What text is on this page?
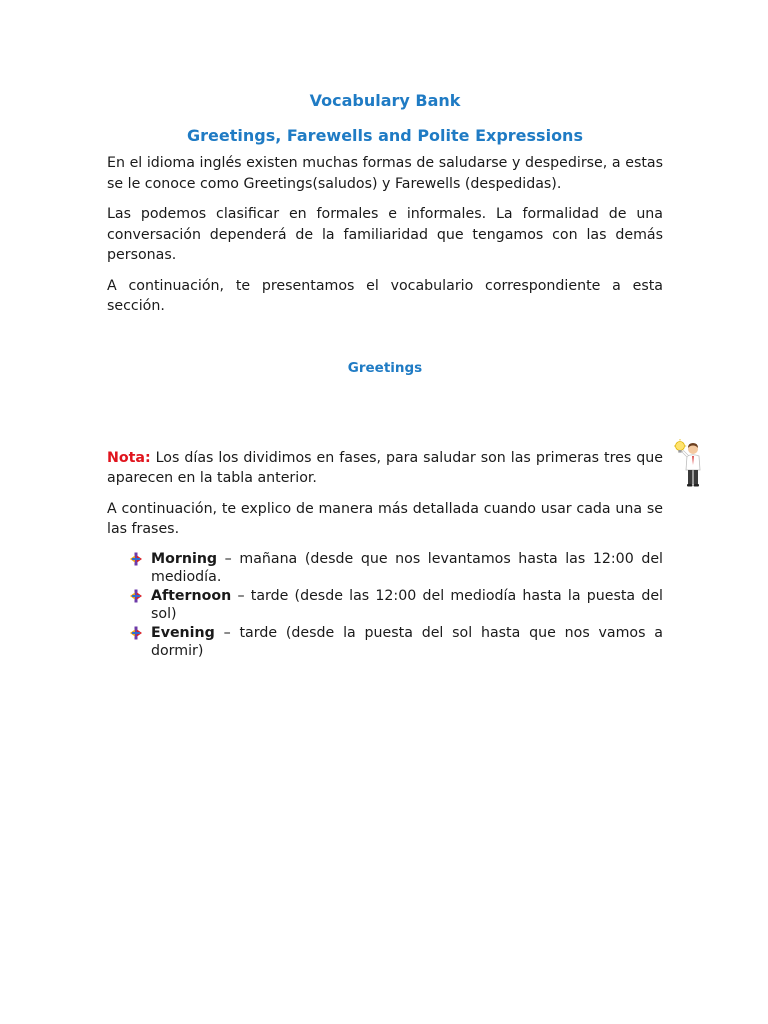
Vocabulary Bank
Greetings, Farewells and Polite Expressions

En el idioma inglés existen muchas formas de saludarse y despedirse, a estas se le conoce como Greetings(saludos) y Farewells (despedidas).

Las podemos clasificar en formales e informales. La formalidad de una conversación dependerá de la familiaridad que tengamos con las demás personas.

A continuación, te presentamos el vocabulario correspondiente a esta sección.

Greetings

Nota: Los días los dividimos en fases, para saludar son las primeras tres que aparecen en la tabla anterior.

A continuación, te explico de manera más detallada cuando usar cada una se las frases.

Morning – mañana (desde que nos levantamos hasta las 12:00 del mediodía.
Afternoon – tarde (desde las 12:00 del mediodía hasta la puesta del sol)
Evening – tarde (desde la puesta del sol hasta que nos vamos a dormir)
